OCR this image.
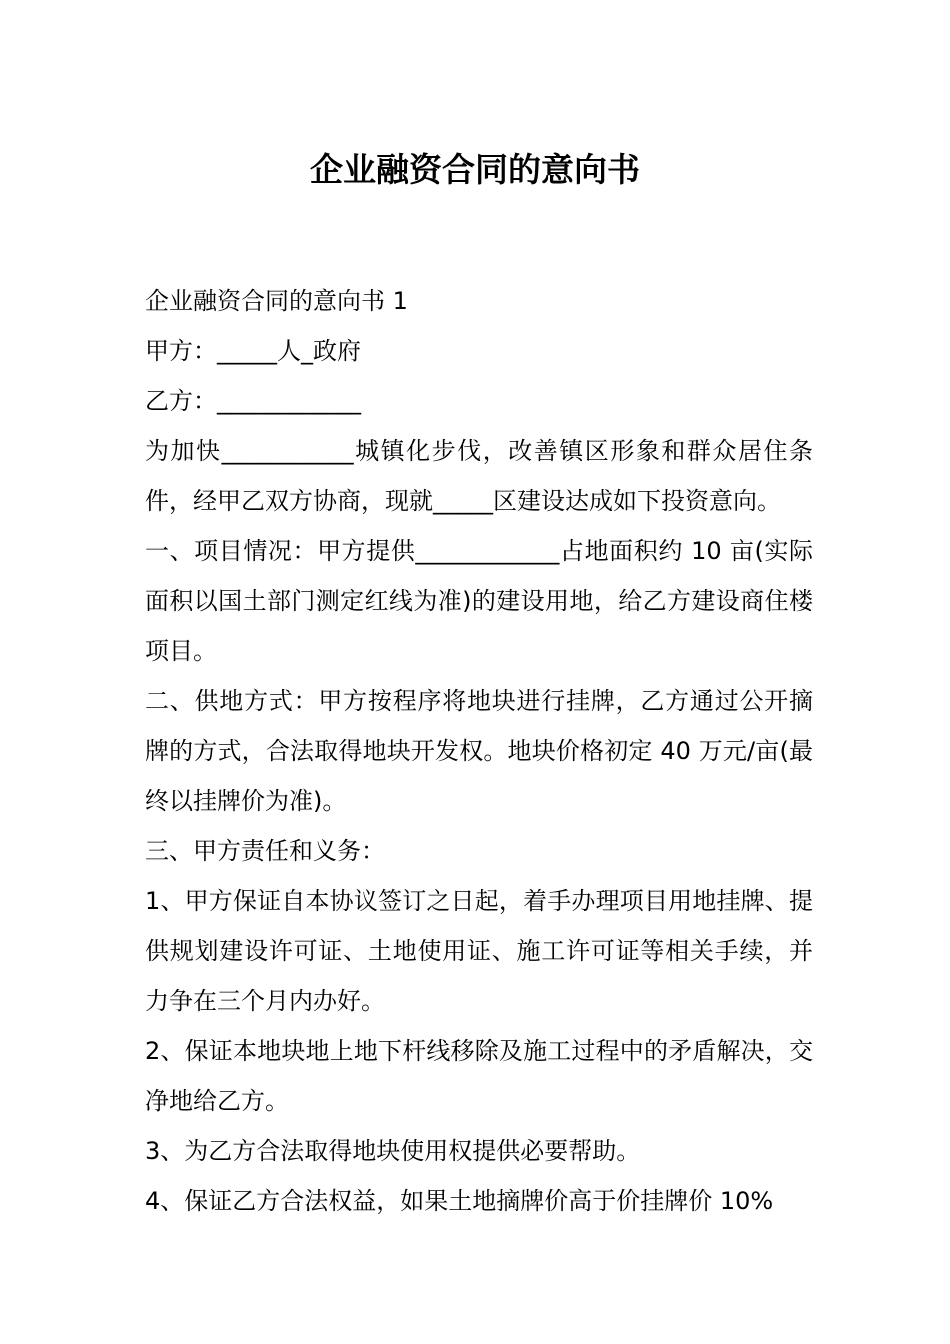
企业融资合同的意向书

企业融资合同的意向书 1

甲方：_____人_政府

乙方：____________

为加快___________城镇化步伐，改善镇区形象和群众居住条件，经甲乙双方协商，现就_____区建设达成如下投资意向。

一、项目情况：甲方提供____________占地面积约 10 亩(实际面积以国土部门测定红线为准)的建设用地，给乙方建设商住楼项目。

二、供地方式：甲方按程序将地块进行挂牌，乙方通过公开摘牌的方式，合法取得地块开发权。地块价格初定 40 万元/亩(最终以挂牌价为准)。

三、甲方责任和义务：

1、甲方保证自本协议签订之日起，着手办理项目用地挂牌、提供规划建设许可证、土地使用证、施工许可证等相关手续，并力争在三个月内办好。

2、保证本地块地上地下杆线移除及施工过程中的矛盾解决，交净地给乙方。

3、为乙方合法取得地块使用权提供必要帮助。

4、保证乙方合法权益，如果土地摘牌价高于价挂牌价 10%
